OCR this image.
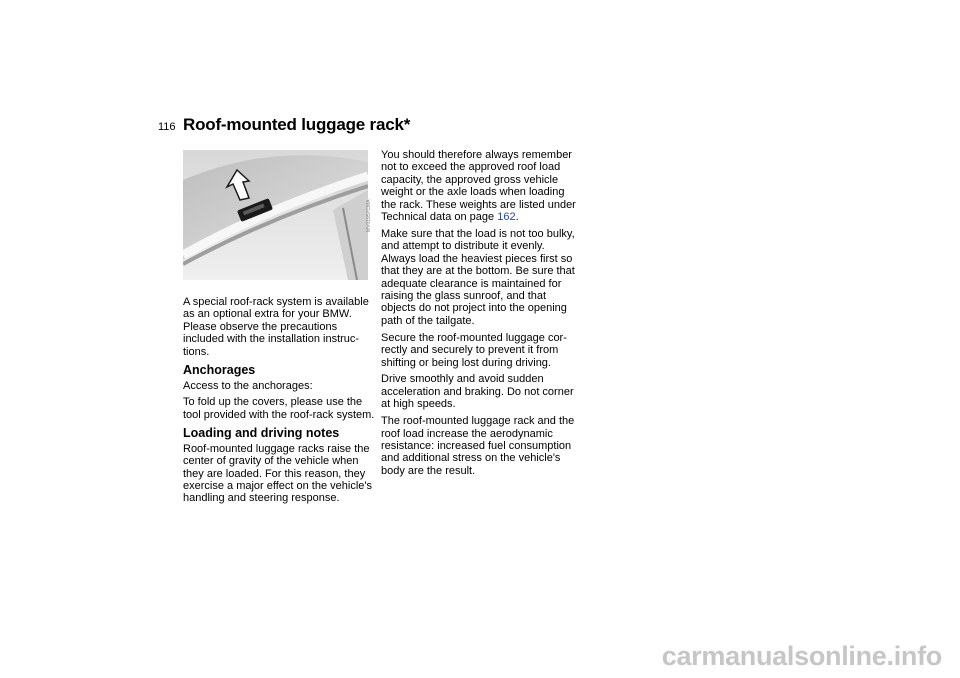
116 Roof-mounted luggage rack*
MV01957CMA

A special roof-rack system is available as an optional extra for your BMW. Please observe the precautions included with the installation instruc-tions.

Anchorages

Access to the anchorages:

To fold up the covers, please use the tool provided with the roof-rack system.

Loading and driving notes

Roof-mounted luggage racks raise the center of gravity of the vehicle when they are loaded. For this reason, they exercise a major effect on the vehicle's handling and steering response.

You should therefore always remember not to exceed the approved roof load capacity, the approved gross vehicle weight or the axle loads when loading the rack. These weights are listed under Technical data on page 162.

Make sure that the load is not too bulky, and attempt to distribute it evenly. Always load the heaviest pieces first so that they are at the bottom. Be sure that adequate clearance is maintained for raising the glass sunroof, and that objects do not project into the opening path of the tailgate.

Secure the roof-mounted luggage cor-rectly and securely to prevent it from shifting or being lost during driving.

Drive smoothly and avoid sudden acceleration and braking. Do not corner at high speeds.

The roof-mounted luggage rack and the roof load increase the aerodynamic resistance: increased fuel consumption and additional stress on the vehicle's body are the result.

carmanualsonline.info
